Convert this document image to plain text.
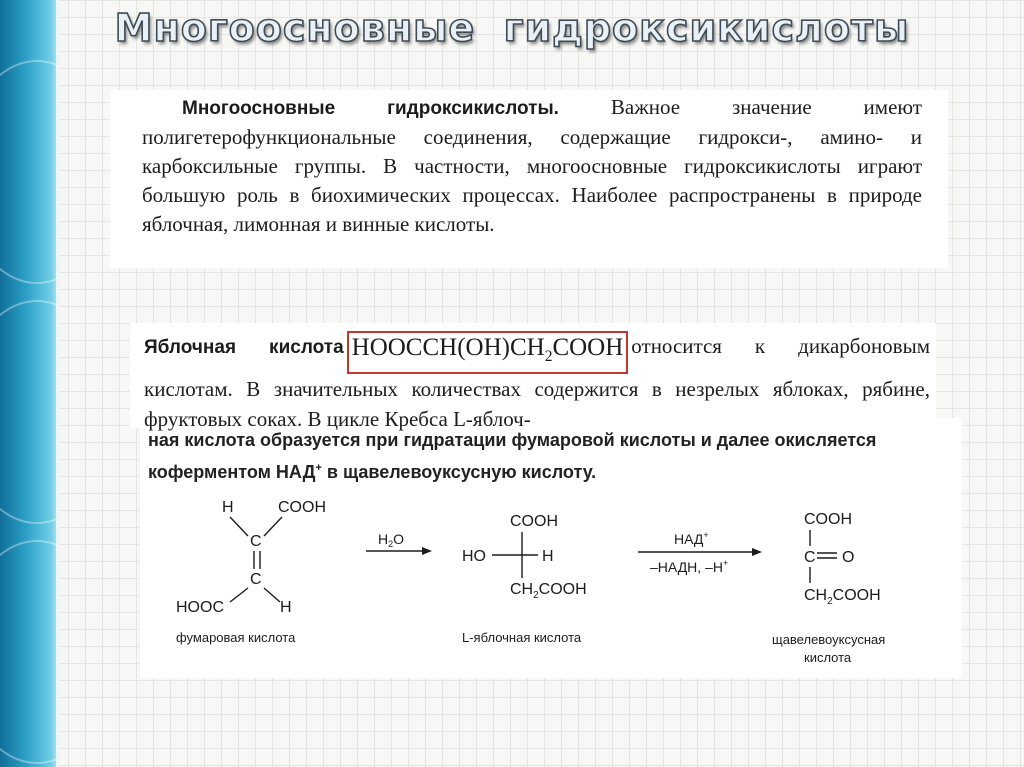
Многоосновные  гидроксикислоты
Многоосновные гидроксикислоты. Важное значение имеют полигетерофункциональные соединения, содержащие гидрокси-, амино- и карбоксильные группы. В частности, многоосновные гидроксикислоты играют большую роль в биохимических процессах. Наиболее распространены в природе яблочная, лимонная и винные кислоты.
Яблочная кислота $HOOCCH(OH)CH_2COOH$ относится к дикарбоновым кислотам. В значительных количествах содержится в незрелых яблоках, рябине, фруктовых соках. В цикле Кребса L-яблоч-
ная кислота образуется при гидратации фумаровой кислоты и далее окисляется коферментом НАД+ в щавелевоуксусную кислоту.
H	COOH
C
C
HOOC	H
фумаровая кислота
$H_2O$
COOH
HO	H
$CH_2COOH$
L-яблочная кислота
НАД+
–НАДН, –H+
COOH
C O
$CH_2COOH$
щавелевоуксусная
кислота
